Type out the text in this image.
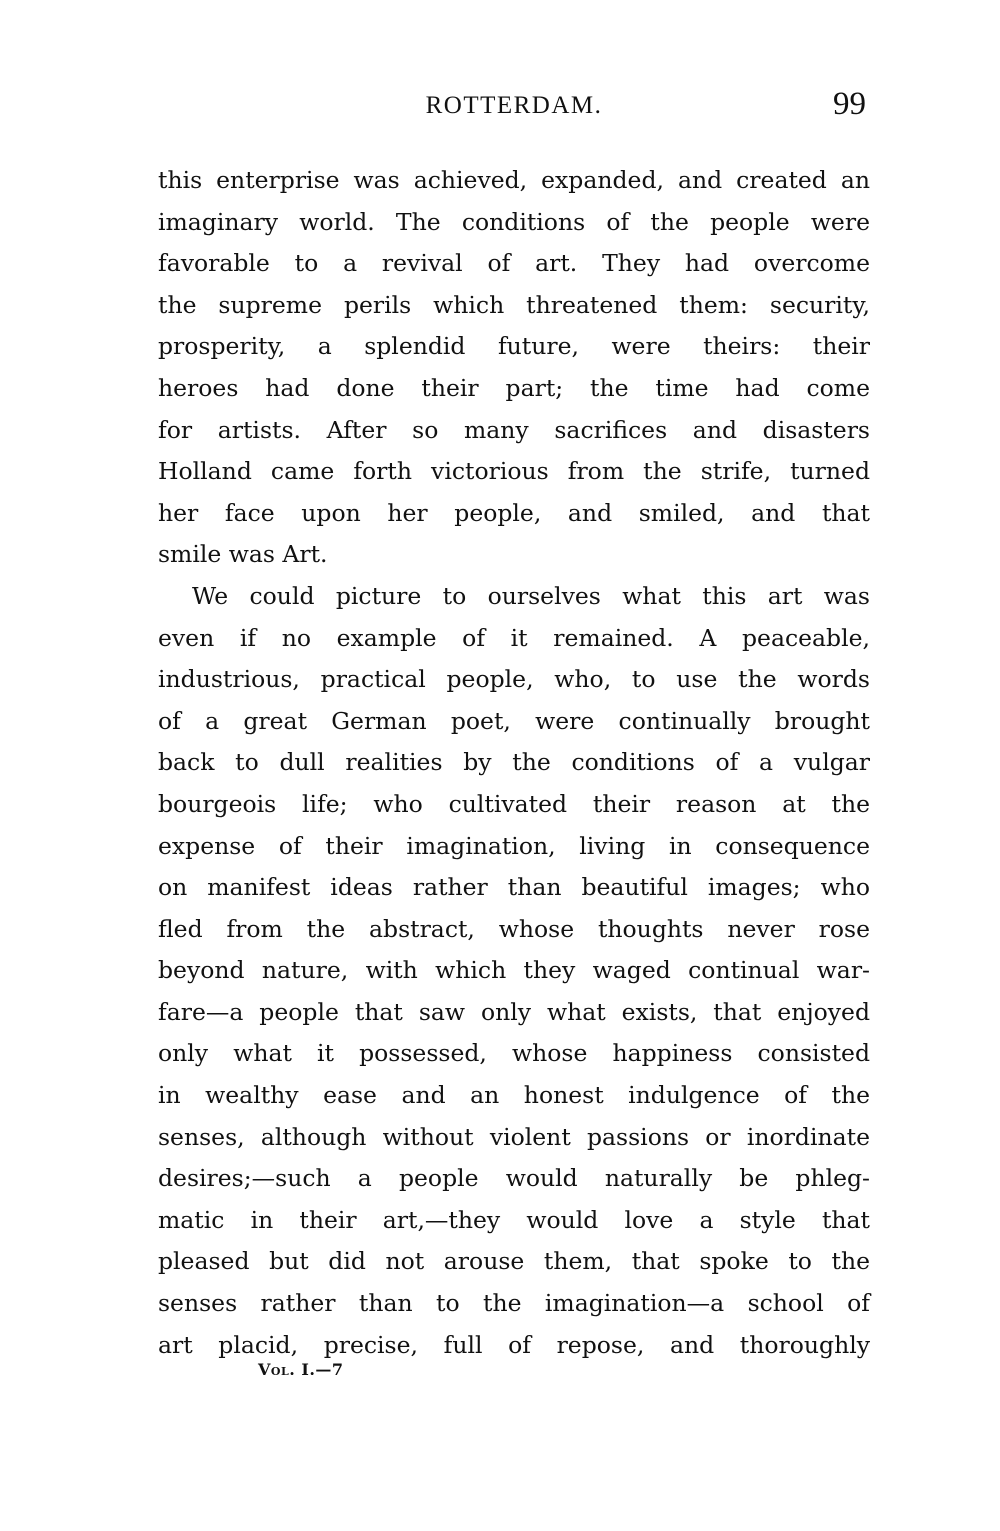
ROTTERDAM.	99
this enterprise was achieved, expanded, and created an
imaginary world. The conditions of the people were
favorable to a revival of art. They had overcome
the supreme perils which threatened them: security,
prosperity, a splendid future, were theirs: their
heroes had done their part; the time had come
for artists. After so many sacrifices and disasters
Holland came forth victorious from the strife, turned
her face upon her people, and smiled, and that
smile was Art.
We could picture to ourselves what this art was
even if no example of it remained. A peaceable,
industrious, practical people, who, to use the words
of a great German poet, were continually brought
back to dull realities by the conditions of a vulgar
bourgeois life; who cultivated their reason at the
expense of their imagination, living in consequence
on manifest ideas rather than beautiful images; who
fled from the abstract, whose thoughts never rose
beyond nature, with which they waged continual war-
fare—a people that saw only what exists, that enjoyed
only what it possessed, whose happiness consisted
in wealthy ease and an honest indulgence of the
senses, although without violent passions or inordinate
desires;—such a people would naturally be phleg-
matic in their art,—they would love a style that
pleased but did not arouse them, that spoke to the
senses rather than to the imagination—a school of
art placid, precise, full of repose, and thoroughly
Vol. I.—7
